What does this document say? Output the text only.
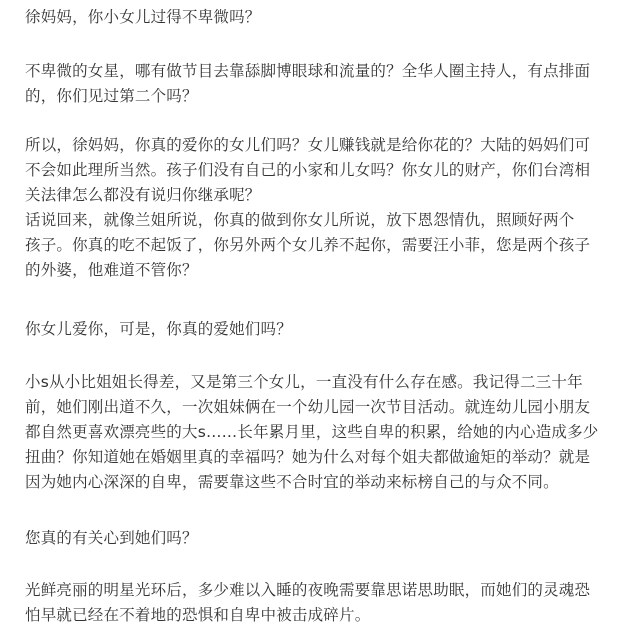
徐妈妈，你小女儿过得不卑微吗？

不卑微的女星，哪有做节目去靠舔脚博眼球和流量的？全华人圈主持人，有点排面
的，你们见过第二个吗？

所以，徐妈妈，你真的爱你的女儿们吗？女儿赚钱就是给你花的？大陆的妈妈们可
不会如此理所当然。孩子们没有自己的小家和儿女吗？你女儿的财产，你们台湾相
关法律怎么都没有说归你继承呢？
话说回来，就像兰姐所说，你真的做到你女儿所说，放下恩怨情仇，照顾好两个
孩子。你真的吃不起饭了，你另外两个女儿养不起你，需要汪小菲，您是两个孩子
的外婆，他难道不管你？

你女儿爱你，可是，你真的爱她们吗？

小s从小比姐姐长得差，又是第三个女儿，一直没有什么存在感。我记得二三十年
前，她们刚出道不久，一次姐妹俩在一个幼儿园一次节目活动。就连幼儿园小朋友
都自然更喜欢漂亮些的大s……长年累月里，这些自卑的积累，给她的内心造成多少
扭曲？你知道她在婚姻里真的幸福吗？她为什么对每个姐夫都做逾矩的举动？就是
因为她内心深深的自卑，需要靠这些不合时宜的举动来标榜自己的与众不同。

您真的有关心到她们吗？

光鲜亮丽的明星光环后，多少难以入睡的夜晚需要靠思诺思助眠，而她们的灵魂恐
怕早就已经在不着地的恐惧和自卑中被击成碎片。
